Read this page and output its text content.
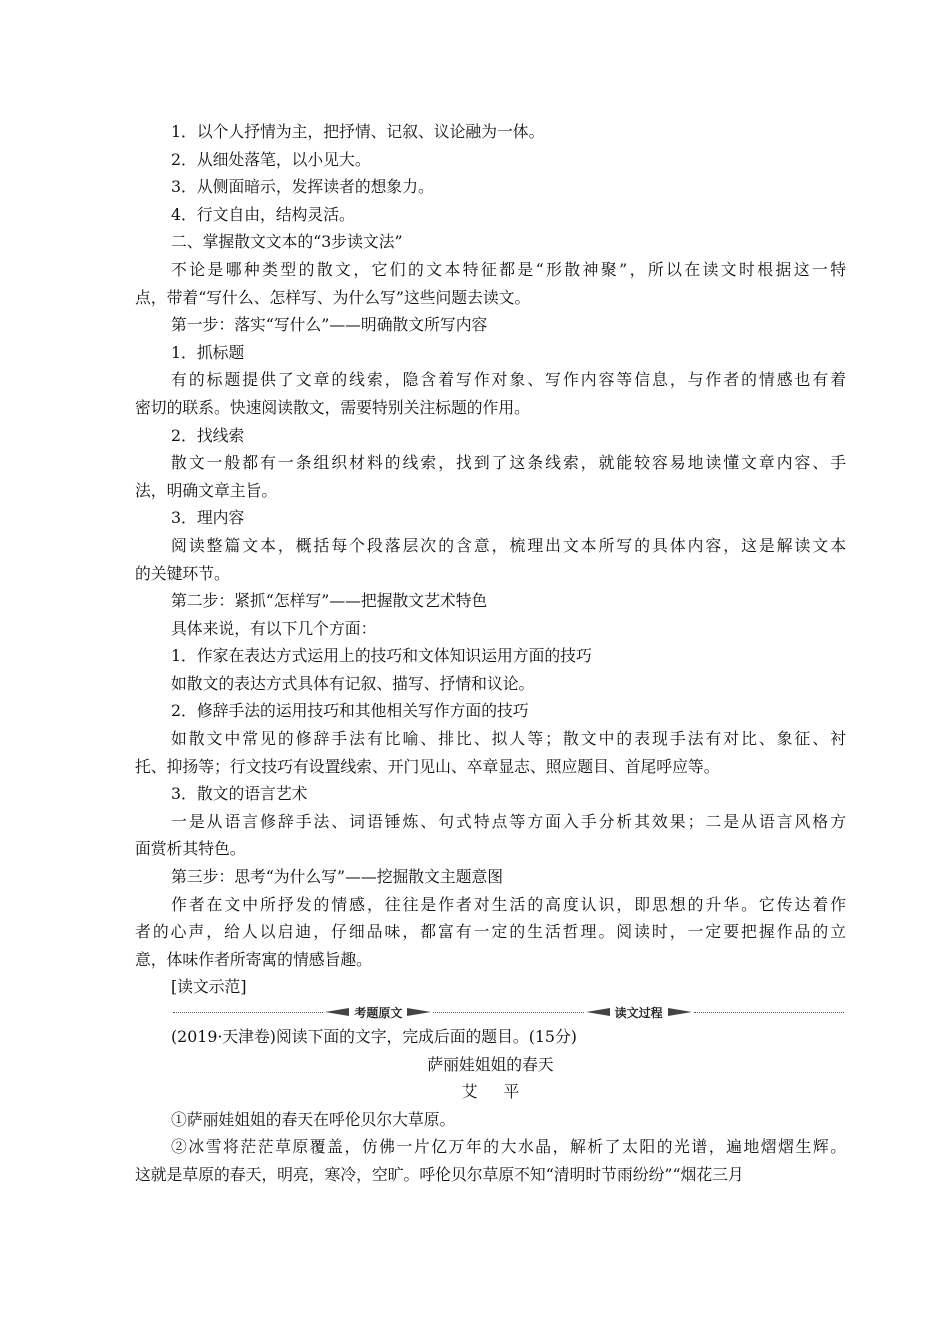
1．以个人抒情为主，把抒情、记叙、议论融为一体。
2．从细处落笔，以小见大。
3．从侧面暗示，发挥读者的想象力。
4．行文自由，结构灵活。
二、掌握散文文本的“3步读文法”
不论是哪种类型的散文，它们的文本特征都是“形散神聚”，所以在读文时根据这一特
点，带着“写什么、怎样写、为什么写”这些问题去读文。
第一步：落实“写什么”——明确散文所写内容
1．抓标题
有的标题提供了文章的线索，隐含着写作对象、写作内容等信息，与作者的情感也有着
密切的联系。快速阅读散文，需要特别关注标题的作用。
2．找线索
散文一般都有一条组织材料的线索，找到了这条线索，就能较容易地读懂文章内容、手
法，明确文章主旨。
3．理内容
阅读整篇文本，概括每个段落层次的含意，梳理出文本所写的具体内容，这是解读文本
的关键环节。
第二步：紧抓“怎样写”——把握散文艺术特色
具体来说，有以下几个方面：
1．作家在表达方式运用上的技巧和文体知识运用方面的技巧
如散文的表达方式具体有记叙、描写、抒情和议论。
2．修辞手法的运用技巧和其他相关写作方面的技巧
如散文中常见的修辞手法有比喻、排比、拟人等；散文中的表现手法有对比、象征、衬
托、抑扬等；行文技巧有设置线索、开门见山、卒章显志、照应题目、首尾呼应等。
3．散文的语言艺术
一是从语言修辞手法、词语锤炼、句式特点等方面入手分析其效果；二是从语言风格方
面赏析其特色。
第三步：思考“为什么写”——挖掘散文主题意图
作者在文中所抒发的情感，往往是作者对生活的高度认识，即思想的升华。它传达着作
者的心声，给人以启迪，仔细品味，都富有一定的生活哲理。阅读时，一定要把握作品的立
意，体味作者所寄寓的情感旨趣。
[读文示范]
考题原文	读文过程
(2019·天津卷)阅读下面的文字，完成后面的题目。(15分)
萨丽娃姐姐的春天
艾平
①萨丽娃姐姐的春天在呼伦贝尔大草原。
②冰雪将茫茫草原覆盖，仿佛一片亿万年的大水晶，解析了太阳的光谱，遍地熠熠生辉。
这就是草原的春天，明亮，寒冷，空旷。呼伦贝尔草原不知“清明时节雨纷纷”“烟花三月
